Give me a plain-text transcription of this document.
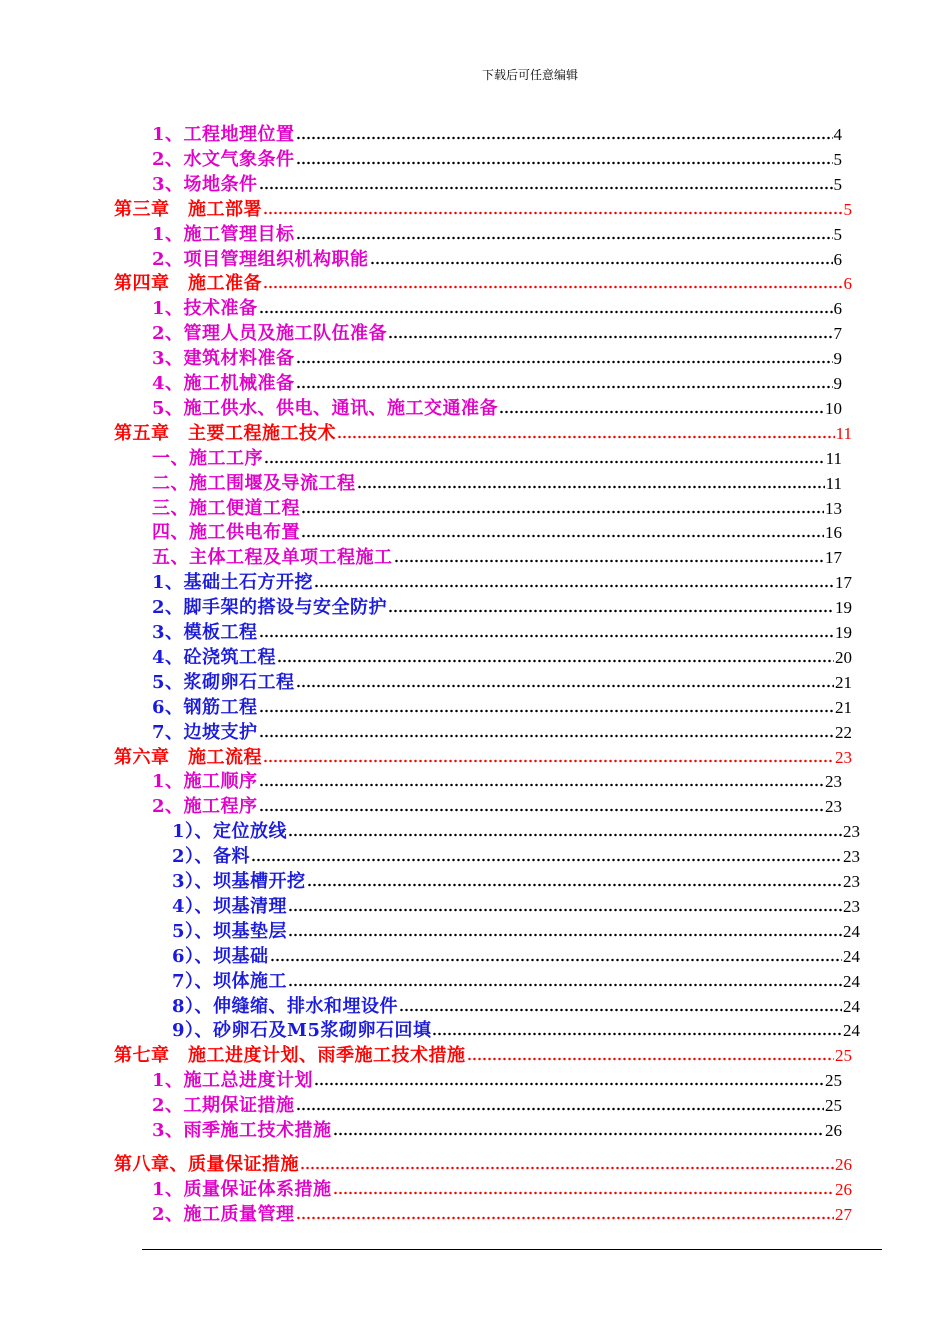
下载后可任意编辑
1、工程地理位置	4
2、水文气象条件	5
3、场地条件	5
第三章　施工部署	5
1、施工管理目标	5
2、项目管理组织机构职能	6
第四章　施工准备	6
1、技术准备	6
2、管理人员及施工队伍准备	7
3、建筑材料准备	9
4、施工机械准备	9
5、施工供水、供电、通讯、施工交通准备	10
第五章　主要工程施工技术	11
一、施工工序	11
二、施工围堰及导流工程	11
三、施工便道工程	13
四、施工供电布置	16
五、主体工程及单项工程施工	17
1、基础土石方开挖	17
2、脚手架的搭设与安全防护	19
3、模板工程	19
4、砼浇筑工程	20
5、浆砌卵石工程	21
6、钢筋工程	21
7、边坡支护	22
第六章　施工流程	23
1、施工顺序	23
2、施工程序	23
1）、定位放线	23
2）、备料	23
3）、坝基槽开挖	23
4）、坝基清理	23
5）、坝基垫层	24
6）、坝基础	24
7）、坝体施工	24
8）、伸缝缩、排水和埋设件	24
9）、砂卵石及M5浆砌卵石回填	24
第七章　施工进度计划、雨季施工技术措施	25
1、施工总进度计划	25
2、工期保证措施	25
3、雨季施工技术措施	26
第八章、质量保证措施	26
1、质量保证体系措施	26
2、施工质量管理	27
